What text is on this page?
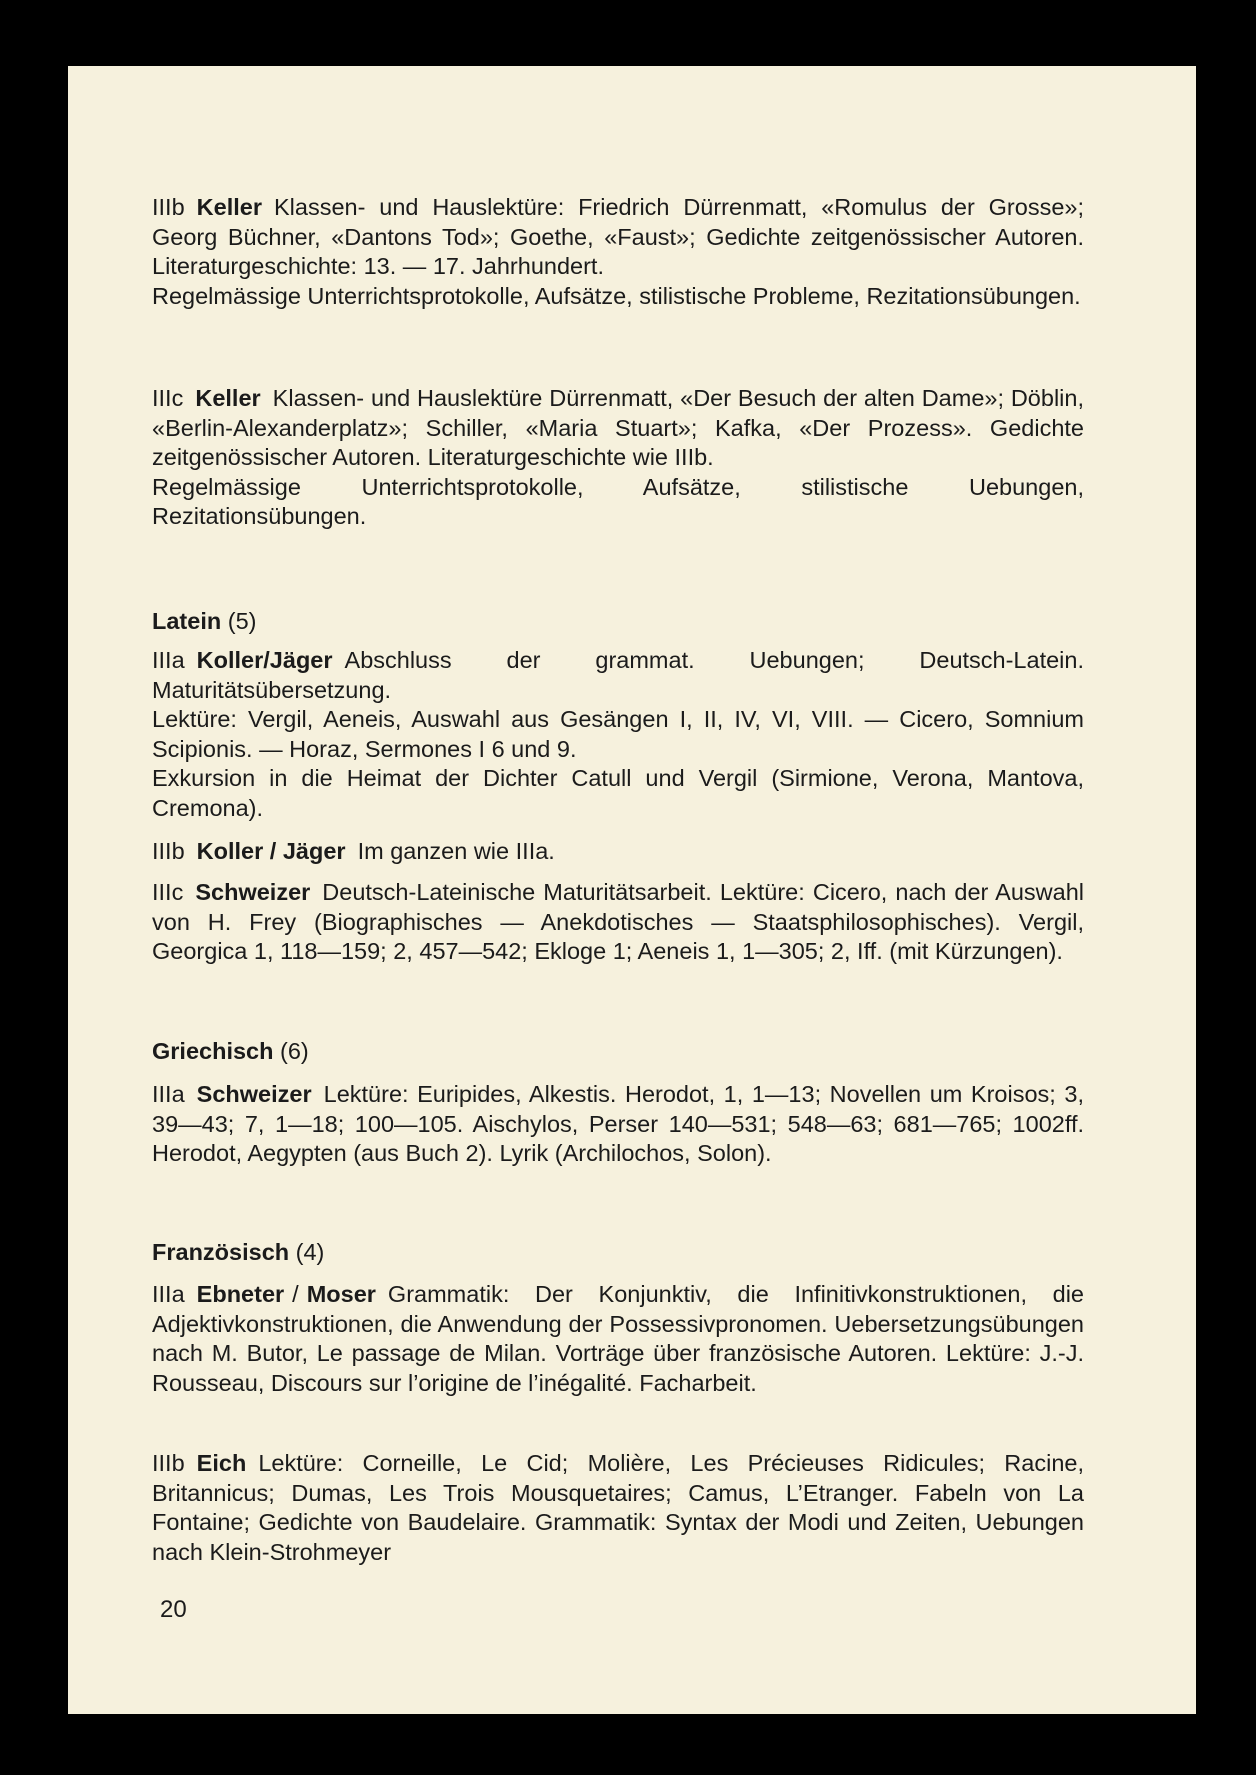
IIIb Keller Klassen- und Hauslektüre: Friedrich Dürrenmatt, «Romulus der Grosse»; Georg Büchner, «Dantons Tod»; Goethe, «Faust»; Gedichte zeitgenössischer Autoren. Literaturgeschichte: 13. — 17. Jahrhundert.

Regelmässige Unterrichtsprotokolle, Aufsätze, stilistische Probleme, Rezitationsübungen.

IIIc Keller Klassen- und Hauslektüre Dürrenmatt, «Der Besuch der alten Dame»; Döblin, «Berlin-Alexanderplatz»; Schiller, «Maria Stuart»; Kafka, «Der Prozess». Gedichte zeitgenössischer Autoren. Literaturgeschichte wie IIIb.

Regelmässige Unterrichtsprotokolle, Aufsätze, stilistische Uebungen, Rezitationsübungen.

Latein (5)

IIIa Koller/Jäger Abschluss der grammat. Uebungen; Deutsch-Latein. Maturitätsübersetzung.

Lektüre: Vergil, Aeneis, Auswahl aus Gesängen I, II, IV, VI, VIII. — Cicero, Somnium Scipionis. — Horaz, Sermones I 6 und 9.

Exkursion in die Heimat der Dichter Catull und Vergil (Sirmione, Verona, Mantova, Cremona).

IIIb Koller / Jäger Im ganzen wie IIIa.

IIIc Schweizer Deutsch-Lateinische Maturitätsarbeit. Lektüre: Cicero, nach der Auswahl von H. Frey (Biographisches — Anekdotisches — Staatsphilosophisches). Vergil, Georgica 1, 118—159; 2, 457—542; Ekloge 1; Aeneis 1, 1—305; 2, Iff. (mit Kürzungen).

Griechisch (6)

IIIa Schweizer Lektüre: Euripides, Alkestis. Herodot, 1, 1—13; Novellen um Kroisos; 3, 39—43; 7, 1—18; 100—105. Aischylos, Perser 140—531; 548—63; 681—765; 1002ff. Herodot, Aegypten (aus Buch 2). Lyrik (Archilochos, Solon).

Französisch (4)

IIIa Ebneter / Moser Grammatik: Der Konjunktiv, die Infinitivkonstruktionen, die Adjektivkonstruktionen, die Anwendung der Possessivpronomen. Uebersetzungsübungen nach M. Butor, Le passage de Milan. Vorträge über französische Autoren. Lektüre: J.-J. Rousseau, Discours sur l’origine de l’inégalité. Facharbeit.

IIIb Eich Lektüre: Corneille, Le Cid; Molière, Les Précieuses Ridicules; Racine, Britannicus; Dumas, Les Trois Mousquetaires; Camus, L’Etranger. Fabeln von La Fontaine; Gedichte von Baudelaire. Grammatik: Syntax der Modi und Zeiten, Uebungen nach Klein-Strohmeyer

20
